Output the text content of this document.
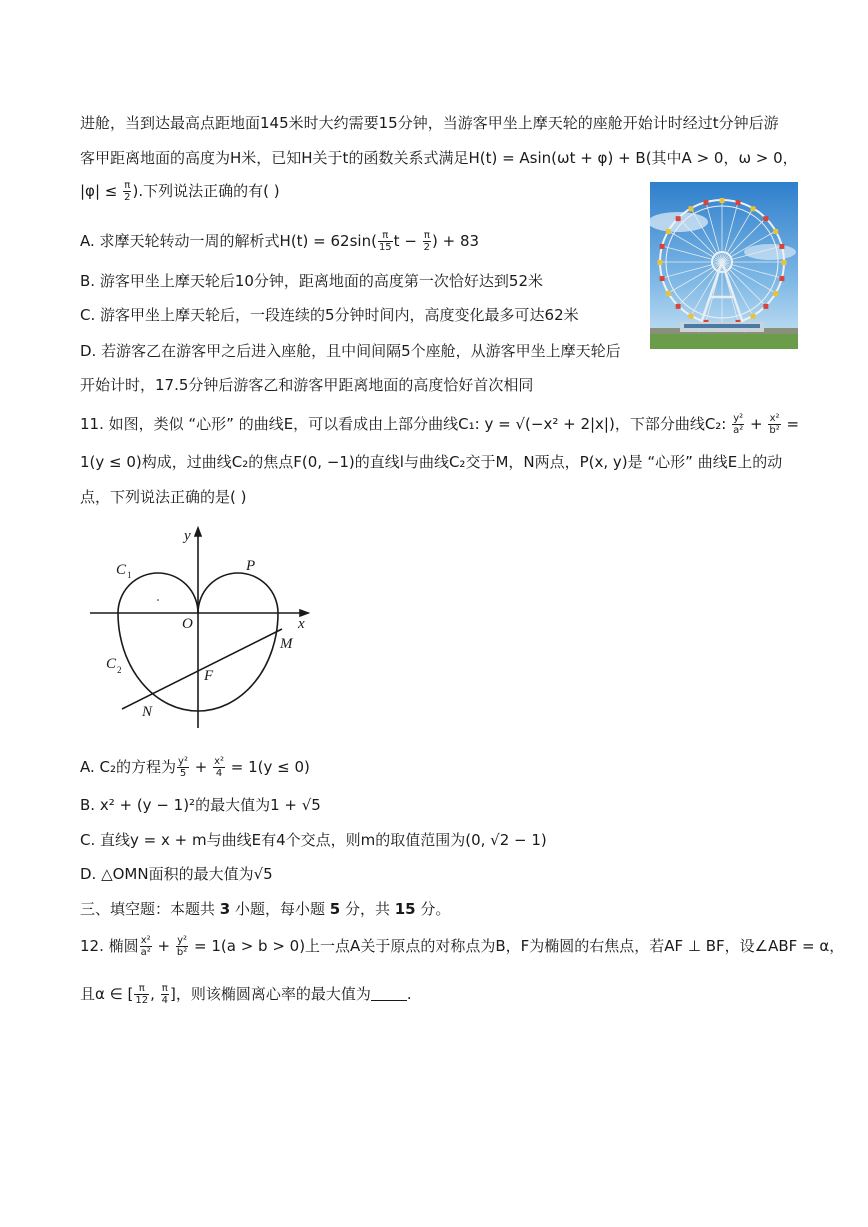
进舱，当到达最高点距地面145米时大约需要15分钟，当游客甲坐上摩天轮的座舱开始计时经过t分钟后游
客甲距离地面的高度为H米，已知H关于t的函数关系式满足H(t) = Asin(ωt + φ) + B(其中A > 0，ω > 0，
$|\varphi| \le \frac{\pi}{2}$ ).下列说法正确的有( )
A. 求摩天轮转动一周的解析式$H(t) = 62\sin( \frac{\pi}{15}$ $t - \frac{\pi}{2}$ ) + 83
B. 游客甲坐上摩天轮后10分钟，距离地面的高度第一次恰好达到52米
C. 游客甲坐上摩天轮后，一段连续的5分钟时间内，高度变化最多可达62米
D. 若游客乙在游客甲之后进入座舱，且中间间隔5个座舱，从游客甲坐上摩天轮后
开始计时，17.5分钟后游客乙和游客甲距离地面的高度恰好首次相同
11. 如图，类似 “心形” 的曲线E，可以看成由上部分曲线C₁: y = √(−x² + 2|x|)，下部分曲线C₂: $\frac{\text{y²}}{\text{a²}} + \frac{\text{x²}}{\text{b²}}$ =
1(y ≤ 0)构成，过曲线C₂的焦点F(0, −1)的直线l与曲线C₂交于M，N两点，P(x, y)是 “心形” 曲线E上的动
点，下列说法正确的是( )
y
x
O
C 1
C 2
P
M
F
N
A. C₂的方程为 $\frac{\text{y²}}{5} + \frac{\text{x²}}{4} = 1(y \le 0)$
B. x² + (y − 1)²的最大值为1 + √5
C. 直线y = x + m与曲线E有4个交点，则m的取值范围为(0, √2 − 1)
D. △OMN面积的最大值为√5
三、填空题：本题共 3 小题，每小题 5 分，共 15 分。
12. 椭圆 $\frac{\text{x²}}{\text{a²}} + \frac{\text{y²}}{\text{b²}} = 1(a > b > 0)$上一点A关于原点的对称点为B，F为椭圆的右焦点，若AF ⊥ BF，设∠ABF = α，
且α ∈ [ $\frac{\pi}{12}$ , $\frac{\pi}{4}$ ]，则该椭圆离心率的最大值为 .
